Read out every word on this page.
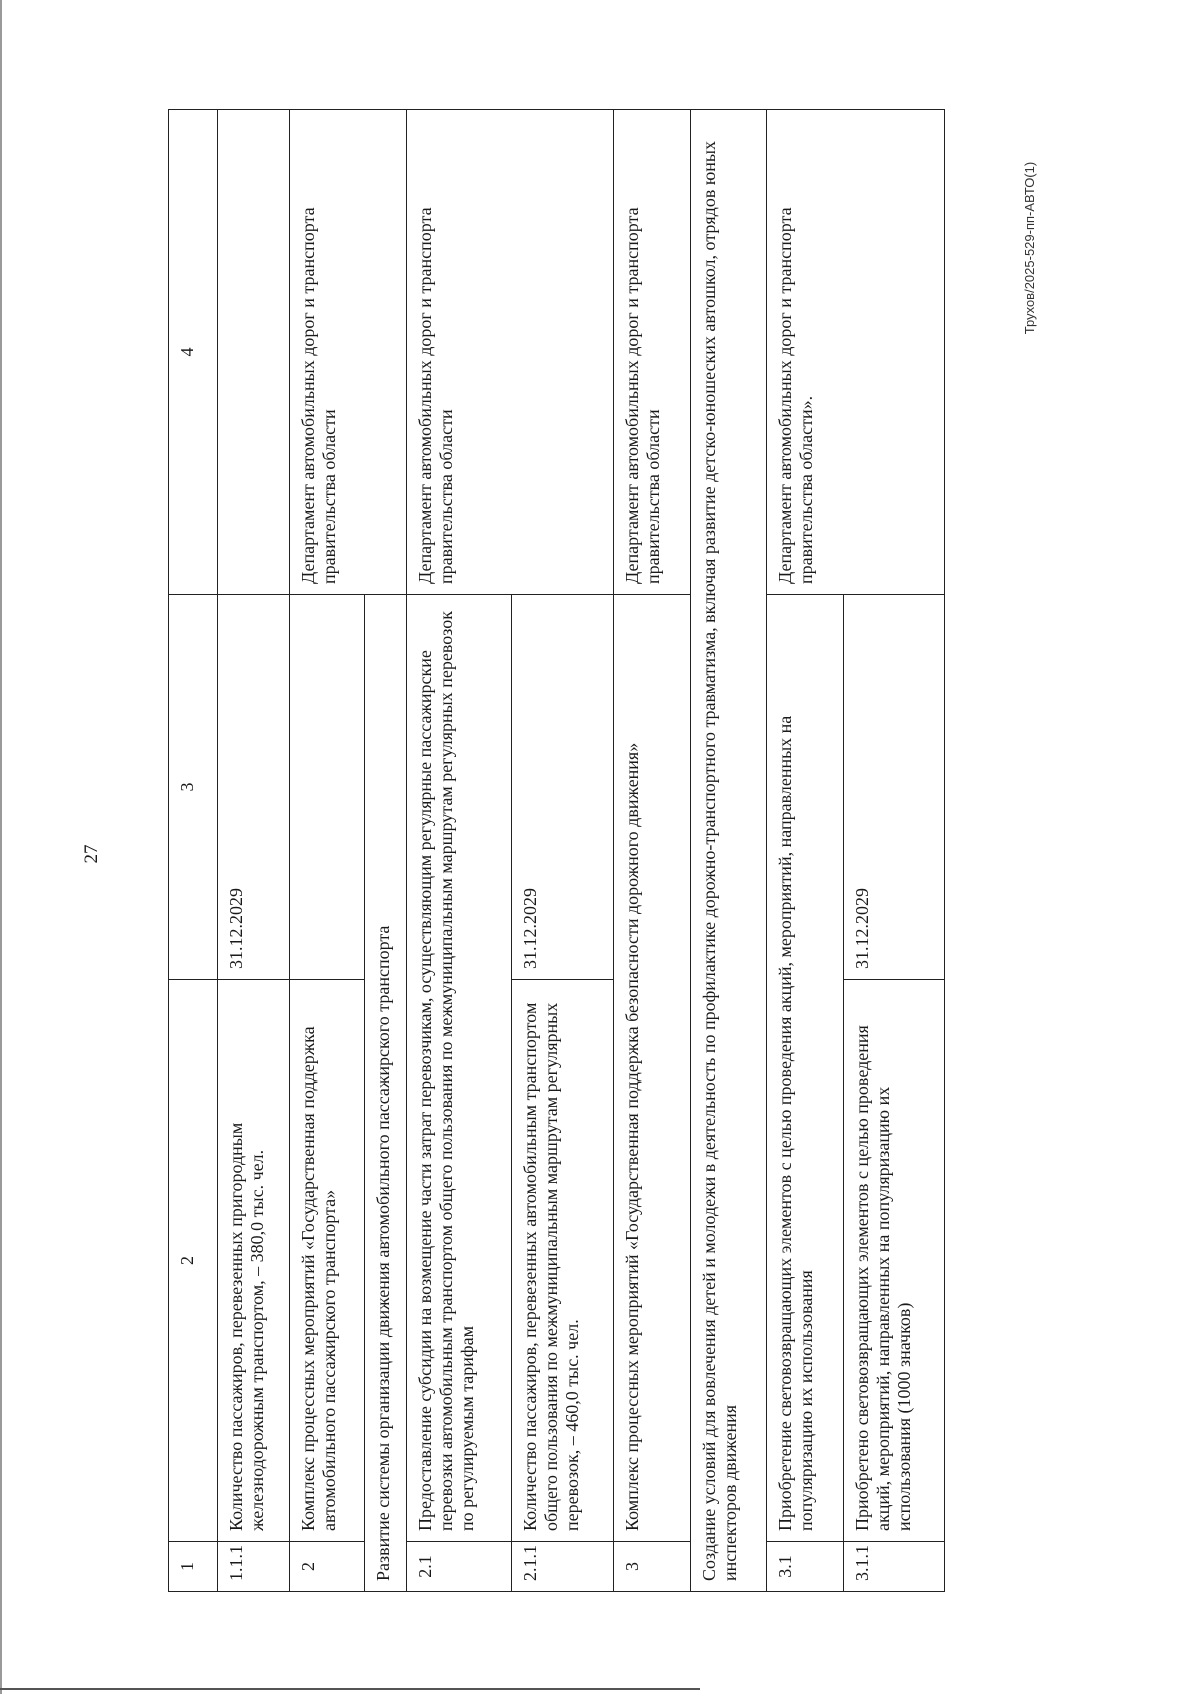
27
Трухов/2025-529-пп-АВТО(1)
1	2	3	4
1.1.1	Количество пассажиров, перевезенных пригородным железнодорожным транспортом, – 380,0 тыс. чел.	31.12.2029	
2	Комплекс процессных мероприятий «Государственная поддержка автомобильного пассажирского транспорта»		Департамент автомобильных дорог и транспорта правительства области
Развитие системы организации движения автомобильного пассажирского транспорта			
2.1	Предоставление субсидии на возмещение части затрат перевозчикам, осуществляющим регулярные пассажирские перевозки автомобильным транспортом общего пользования по межмуниципальным маршрутам регулярных перевозок по регулируемым тарифам		Департамент автомобильных дорог и транспорта правительства области
2.1.1	Количество пассажиров, перевезенных автомобильным транспортом общего пользования по межмуниципальным маршрутам регулярных перевозок, – 460,0 тыс. чел.	31.12.2029	
3	Комплекс процессных мероприятий «Государственная поддержка безопасности дорожного движения»		Департамент автомобильных дорог и транспорта правительства области
Создание условий для вовлечения детей и молодежи в деятельность по профилактике дорожно-транспортного травматизма, включая развитие детско-юношеских автошкол, отрядов юных инспекторов движения			
3.1	Приобретение световозвращающих элементов с целью проведения акций, мероприятий, направленных на популяризацию их использования		Департамент автомобильных дорог и транспорта правительства области».
3.1.1	Приобретено световозвращающих элементов с целью проведения акций, мероприятий, направленных на популяризацию их использования (1000 значков)	31.12.2029	
